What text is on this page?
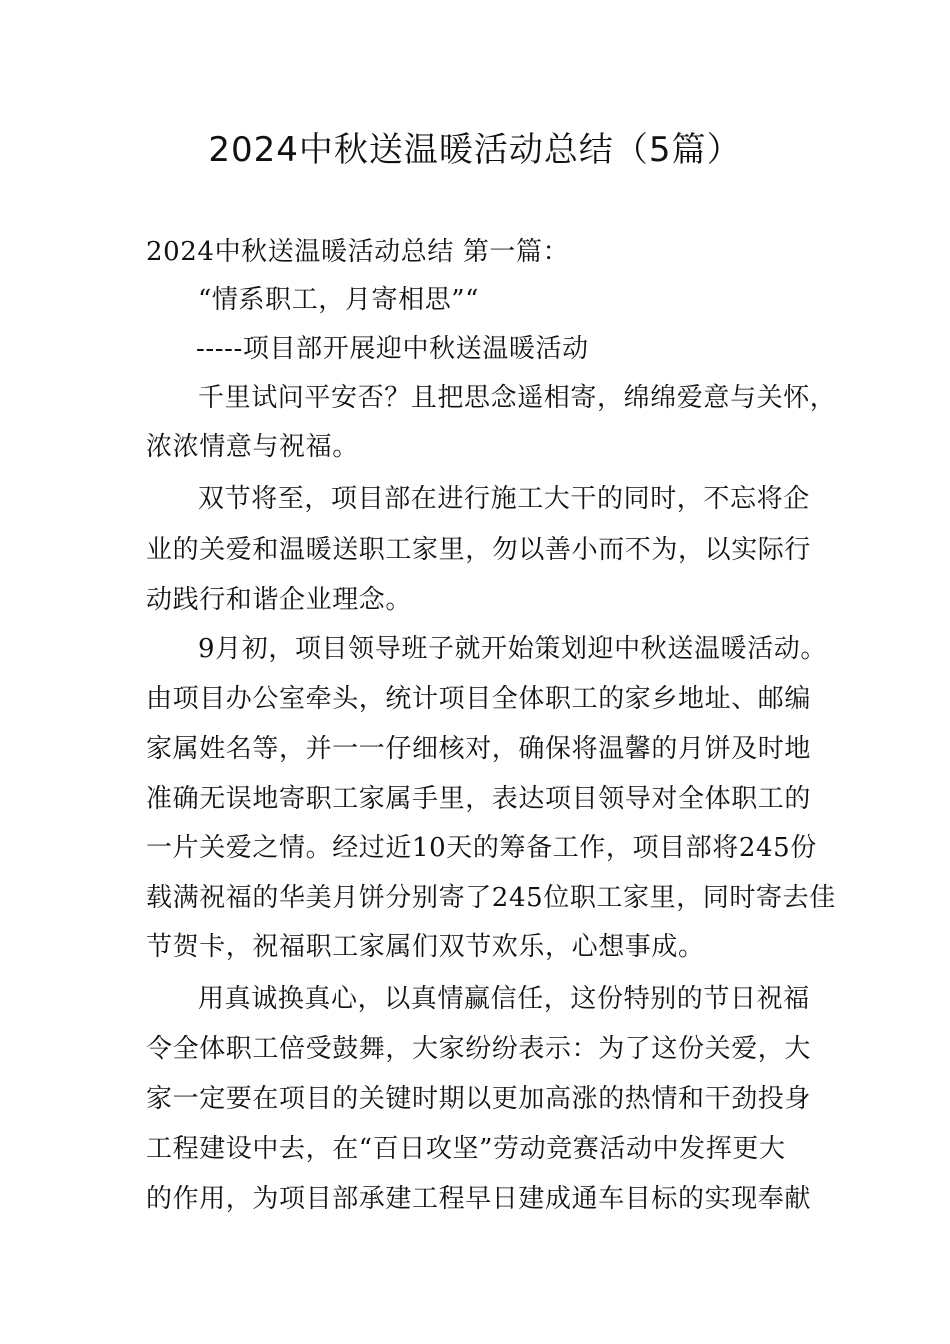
2024中秋送温暖活动总结（5篇）
2024中秋送温暖活动总结 第一篇：
“情系职工，月寄相思”“
-----项目部开展迎中秋送温暖活动
千里试问平安否？且把思念遥相寄，绵绵爱意与关怀，
浓浓情意与祝福。
双节将至，项目部在进行施工大干的同时，不忘将企
业的关爱和温暖送职工家里，勿以善小而不为，以实际行
动践行和谐企业理念。
9月初，项目领导班子就开始策划迎中秋送温暖活动。
由项目办公室牵头，统计项目全体职工的家乡地址、邮编
家属姓名等，并一一仔细核对，确保将温馨的月饼及时地
准确无误地寄职工家属手里，表达项目领导对全体职工的
一片关爱之情。经过近10天的筹备工作，项目部将245份
载满祝福的华美月饼分别寄了245位职工家里，同时寄去佳
节贺卡，祝福职工家属们双节欢乐，心想事成。
用真诚换真心，以真情赢信任，这份特别的节日祝福
令全体职工倍受鼓舞，大家纷纷表示：为了这份关爱，大
家一定要在项目的关键时期以更加高涨的热情和干劲投身
工程建设中去，在“百日攻坚”劳动竞赛活动中发挥更大
的作用，为项目部承建工程早日建成通车目标的实现奉献
